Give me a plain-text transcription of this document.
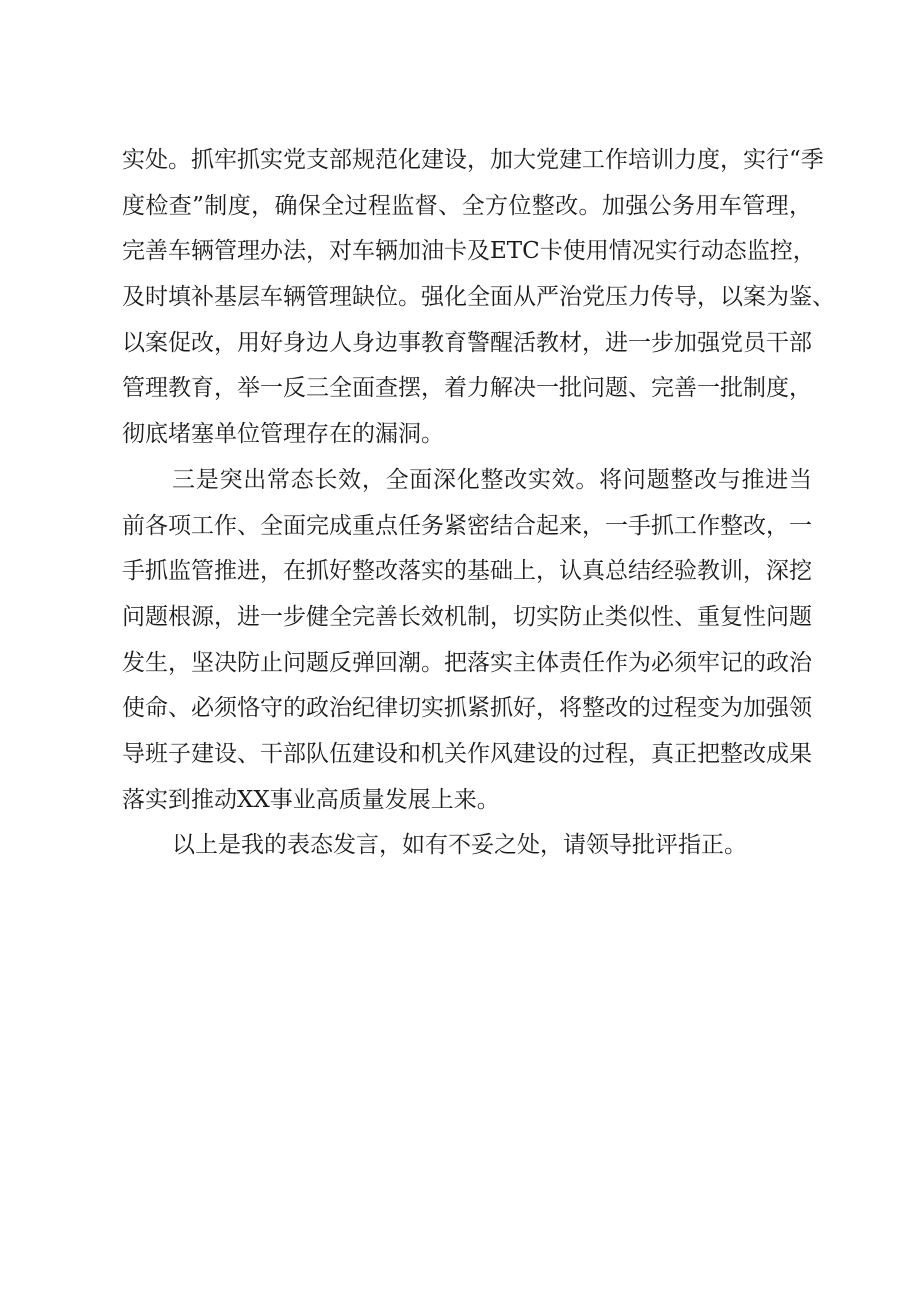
实处。抓牢抓实党支部规范化建设，加大党建工作培训力度，实行“季
度检查”制度，确保全过程监督、全方位整改。加强公务用车管理，
完善车辆管理办法，对车辆加油卡及ETC卡使用情况实行动态监控，
及时填补基层车辆管理缺位。强化全面从严治党压力传导，以案为鉴、
以案促改，用好身边人身边事教育警醒活教材，进一步加强党员干部
管理教育，举一反三全面查摆，着力解决一批问题、完善一批制度，
彻底堵塞单位管理存在的漏洞。
三是突出常态长效，全面深化整改实效。将问题整改与推进当
前各项工作、全面完成重点任务紧密结合起来，一手抓工作整改，一
手抓监管推进，在抓好整改落实的基础上，认真总结经验教训，深挖
问题根源，进一步健全完善长效机制，切实防止类似性、重复性问题
发生，坚决防止问题反弹回潮。把落实主体责任作为必须牢记的政治
使命、必须恪守的政治纪律切实抓紧抓好，将整改的过程变为加强领
导班子建设、干部队伍建设和机关作风建设的过程，真正把整改成果
落实到推动XX事业高质量发展上来。
以上是我的表态发言，如有不妥之处，请领导批评指正。
